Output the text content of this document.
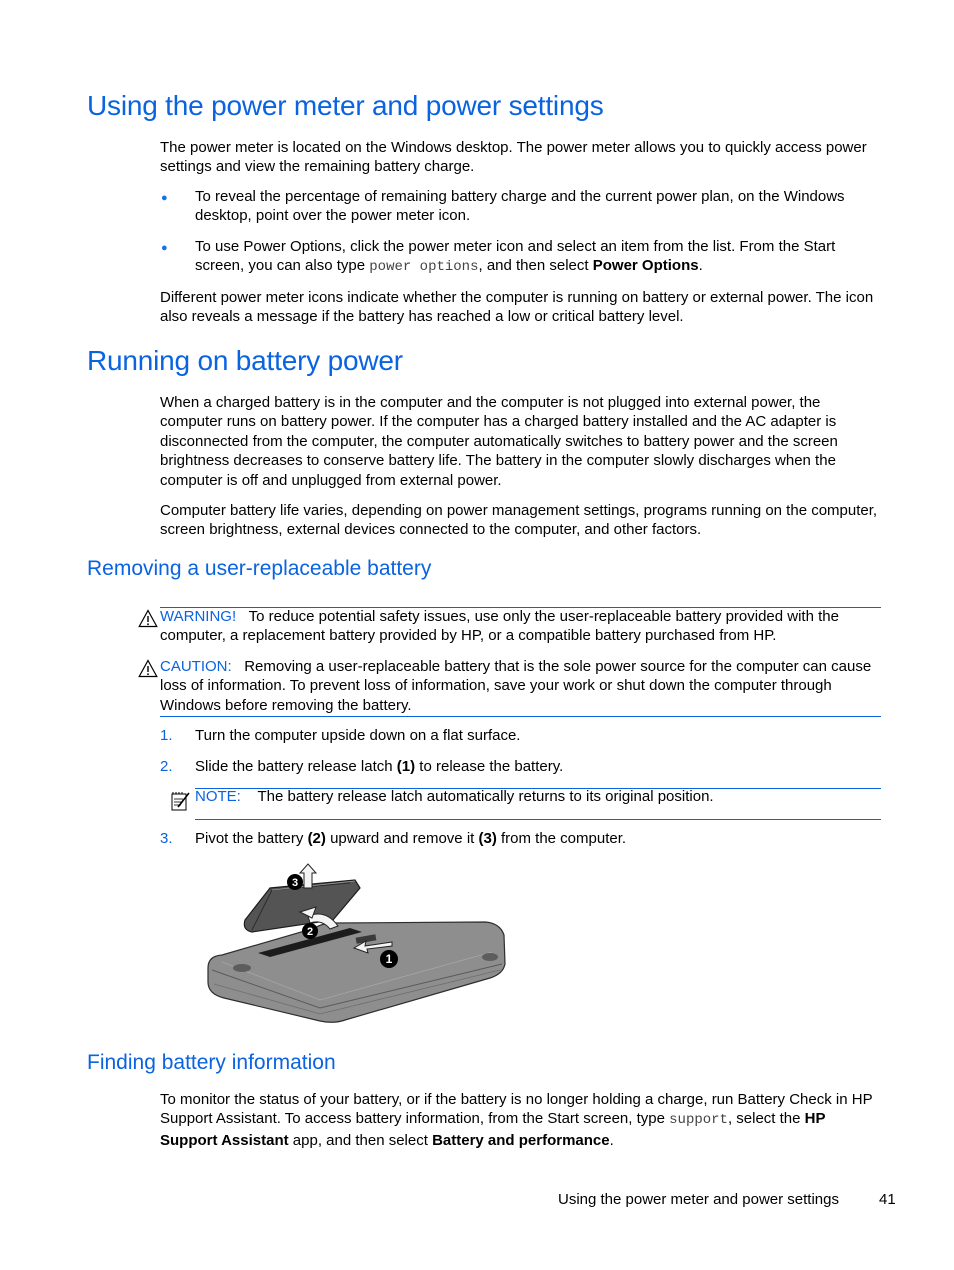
Using the power meter and power settings
The power meter is located on the Windows desktop. The power meter allows you to quickly access power settings and view the remaining battery charge.
● To reveal the percentage of remaining battery charge and the current power plan, on the Windows desktop, point over the power meter icon.
● To use Power Options, click the power meter icon and select an item from the list. From the Start screen, you can also type power options, and then select Power Options.
Different power meter icons indicate whether the computer is running on battery or external power. The icon also reveals a message if the battery has reached a low or critical battery level.
Running on battery power
When a charged battery is in the computer and the computer is not plugged into external power, the computer runs on battery power. If the computer has a charged battery installed and the AC adapter is disconnected from the computer, the computer automatically switches to battery power and the screen brightness decreases to conserve battery life. The battery in the computer slowly discharges when the computer is off and unplugged from external power.
Computer battery life varies, depending on power management settings, programs running on the computer, screen brightness, external devices connected to the computer, and other factors.
Removing a user-replaceable battery
WARNING! To reduce potential safety issues, use only the user-replaceable battery provided with the computer, a replacement battery provided by HP, or a compatible battery purchased from HP.
CAUTION: Removing a user-replaceable battery that is the sole power source for the computer can cause loss of information. To prevent loss of information, save your work or shut down the computer through Windows before removing the battery.
1. Turn the computer upside down on a flat surface.
2. Slide the battery release latch (1) to release the battery.
NOTE: The battery release latch automatically returns to its original position.
3. Pivot the battery (2) upward and remove it (3) from the computer.
1
2
3
Finding battery information
To monitor the status of your battery, or if the battery is no longer holding a charge, run Battery Check in HP Support Assistant. To access battery information, from the Start screen, type support, select the HP Support Assistant app, and then select Battery and performance.
Using the power meter and power settings	41
